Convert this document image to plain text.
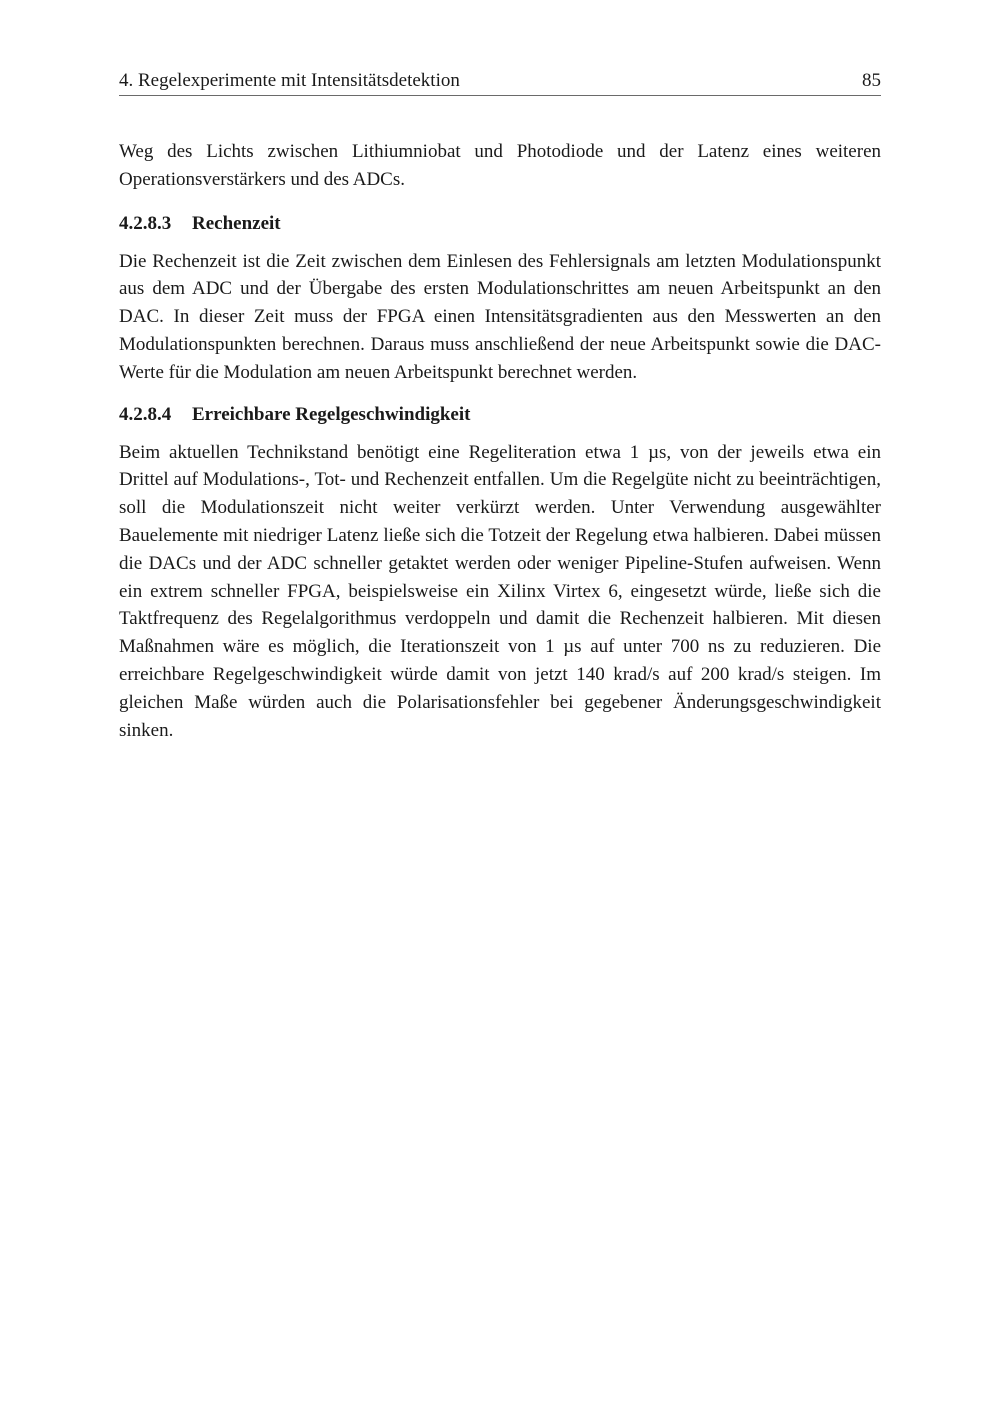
4. Regelexperimente mit Intensitätsdetektion	85

Weg des Lichts zwischen Lithiumniobat und Photodiode und der Latenz eines weiteren Operationsverstärkers und des ADCs.

4.2.8.3 Rechenzeit

Die Rechenzeit ist die Zeit zwischen dem Einlesen des Fehlersignals am letzten Modulationspunkt aus dem ADC und der Übergabe des ersten Modulationschrittes am neuen Arbeitspunkt an den DAC. In dieser Zeit muss der FPGA einen Intensitätsgradienten aus den Messwerten an den Modulationspunkten berechnen. Daraus muss anschließend der neue Arbeitspunkt sowie die DAC-Werte für die Modulation am neuen Arbeitspunkt berechnet werden.

4.2.8.4 Erreichbare Regelgeschwindigkeit

Beim aktuellen Technikstand benötigt eine Regeliteration etwa 1 µs, von der jeweils etwa ein Drittel auf Modulations-, Tot- und Rechenzeit entfallen. Um die Regelgüte nicht zu beeinträchtigen, soll die Modulationszeit nicht weiter verkürzt werden. Unter Verwendung ausgewählter Bauelemente mit niedriger Latenz ließe sich die Totzeit der Regelung etwa halbieren. Dabei müssen die DACs und der ADC schneller getaktet werden oder weniger Pipeline-Stufen aufweisen. Wenn ein extrem schneller FPGA, beispielsweise ein Xilinx Virtex 6, eingesetzt würde, ließe sich die Taktfrequenz des Regelalgorithmus verdoppeln und damit die Rechenzeit halbieren. Mit diesen Maßnahmen wäre es möglich, die Iterationszeit von 1 µs auf unter 700 ns zu reduzieren. Die erreichbare Regelgeschwindigkeit würde damit von jetzt 140 krad/s auf 200 krad/s steigen. Im gleichen Maße würden auch die Polarisationsfehler bei gegebener Änderungsgeschwindigkeit sinken.
